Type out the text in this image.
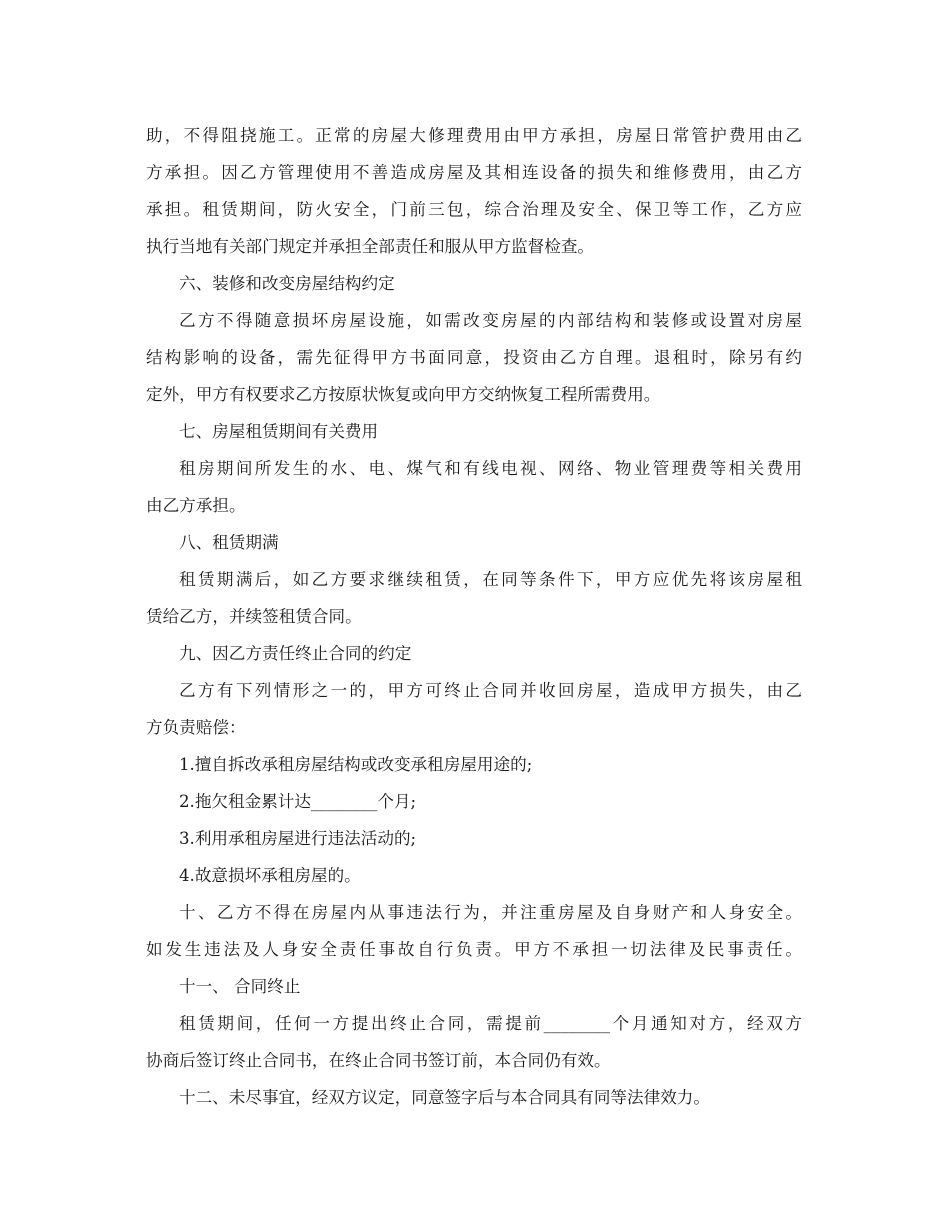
助，不得阻挠施工。正常的房屋大修理费用由甲方承担，房屋日常管护费用由乙
方承担。因乙方管理使用不善造成房屋及其相连设备的损失和维修费用，由乙方
承担。租赁期间，防火安全，门前三包，综合治理及安全、保卫等工作，乙方应
执行当地有关部门规定并承担全部责任和服从甲方监督检查。
六、装修和改变房屋结构约定
乙方不得随意损坏房屋设施，如需改变房屋的内部结构和装修或设置对房屋
结构影响的设备，需先征得甲方书面同意，投资由乙方自理。退租时，除另有约
定外，甲方有权要求乙方按原状恢复或向甲方交纳恢复工程所需费用。
七、房屋租赁期间有关费用
租房期间所发生的水、电、煤气和有线电视、网络、物业管理费等相关费用
由乙方承担。
八、租赁期满
租赁期满后，如乙方要求继续租赁，在同等条件下，甲方应优先将该房屋租
赁给乙方，并续签租赁合同。
九、因乙方责任终止合同的约定
乙方有下列情形之一的，甲方可终止合同并收回房屋，造成甲方损失，由乙
方负责赔偿：
1.擅自拆改承租房屋结构或改变承租房屋用途的;
2.拖欠租金累计达________个月;
3.利用承租房屋进行违法活动的;
4.故意损坏承租房屋的。
十、乙方不得在房屋内从事违法行为，并注重房屋及自身财产和人身安全。
如发生违法及人身安全责任事故自行负责。甲方不承担一切法律及民事责任。
十一、 合同终止
租赁期间，任何一方提出终止合同，需提前________个月通知对方，经双方
协商后签订终止合同书，在终止合同书签订前，本合同仍有效。
十二、未尽事宜，经双方议定，同意签字后与本合同具有同等法律效力。
